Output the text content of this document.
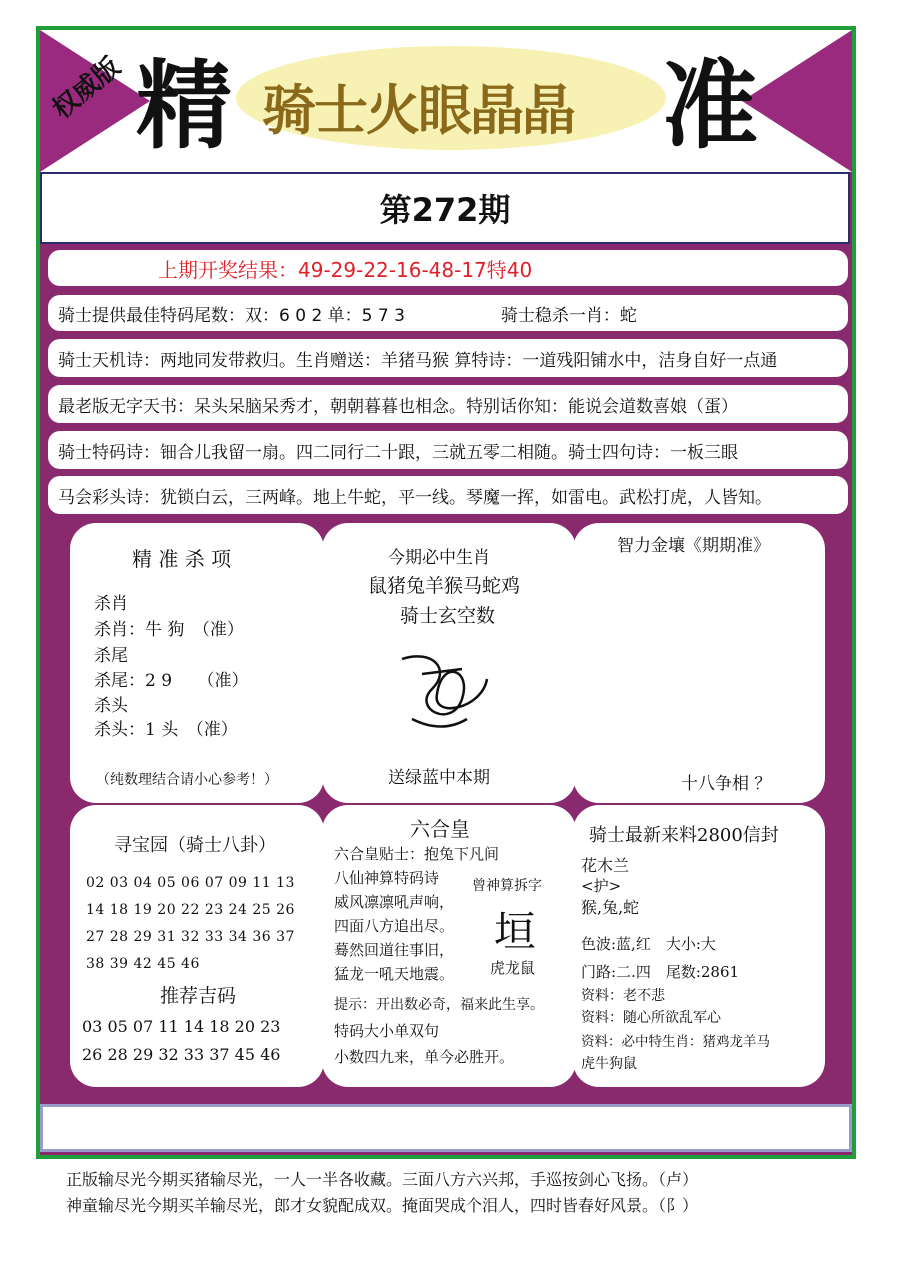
权威版 精 骑士火眼晶晶 准
第272期
上期开奖结果：49-29-22-16-48-17特40
骑士提供最佳特码尾数：双：6 0 2 单：5 7 3	骑士稳杀一肖：蛇
骑士天机诗：两地同发带救归。生肖赠送：羊猪马猴 算特诗：一道残阳铺水中，洁身自好一点通
最老版无字天书：呆头呆脑呆秀才，朝朝暮暮也相念。特别话你知：能说会道数喜娘（蛋）
骑士特码诗：钿合儿我留一扇。四二同行二十跟，三就五零二相随。骑士四句诗：一板三眼
马会彩头诗：犹锁白云，三两峰。地上牛蛇，平一线。琴魔一挥，如雷电。武松打虎，人皆知。
精 准 杀 项
杀肖
杀肖：牛 狗　（准）
杀尾
杀尾：2 9　　（准）
杀头
杀头：1 头　（准）
（纯数理结合请小心参考！）
今期必中生肖
鼠猪兔羊猴马蛇鸡
骑士玄空数
送绿蓝中本期
智力金壤《期期准》
十八争相 ？
寻宝园（骑士八卦）
02 03 04 05 06 07 09 11 13
14 18 19 20 22 23 24 25 26
27 28 29 31 32 33 34 36 37
38 39 42 45 46
推荐吉码
03 05 07 11 14 18 20 23
26 28 29 32 33 37 45 46
六合皇
六合皇贴士：抱兔下凡间
八仙神算特码诗
威风凛凛吼声响，
四面八方追出尽。
蓦然回道往事旧，
猛龙一吼天地震。
提示：开出数必奇，福来此生享。
特码大小单双句
小数四九来，单今必胜开。
曾神算拆字
垣
虎龙鼠
骑士最新来料2800信封
花木兰
<护>
猴,兔,蛇
色波:蓝,红　大小:大
门路:二.四　尾数:2861
资料：老不悲
资料：随心所欲乱军心
资料：必中特生肖：猪鸡龙羊马
虎牛狗鼠
正版输尽光今期买猪输尽光，一人一半各收藏。三面八方六兴邦，手巡按剑心飞扬。（卢）
神童输尽光今期买羊输尽光，郎才女貌配成双。掩面哭成个泪人，四时皆春好风景。（阝）
